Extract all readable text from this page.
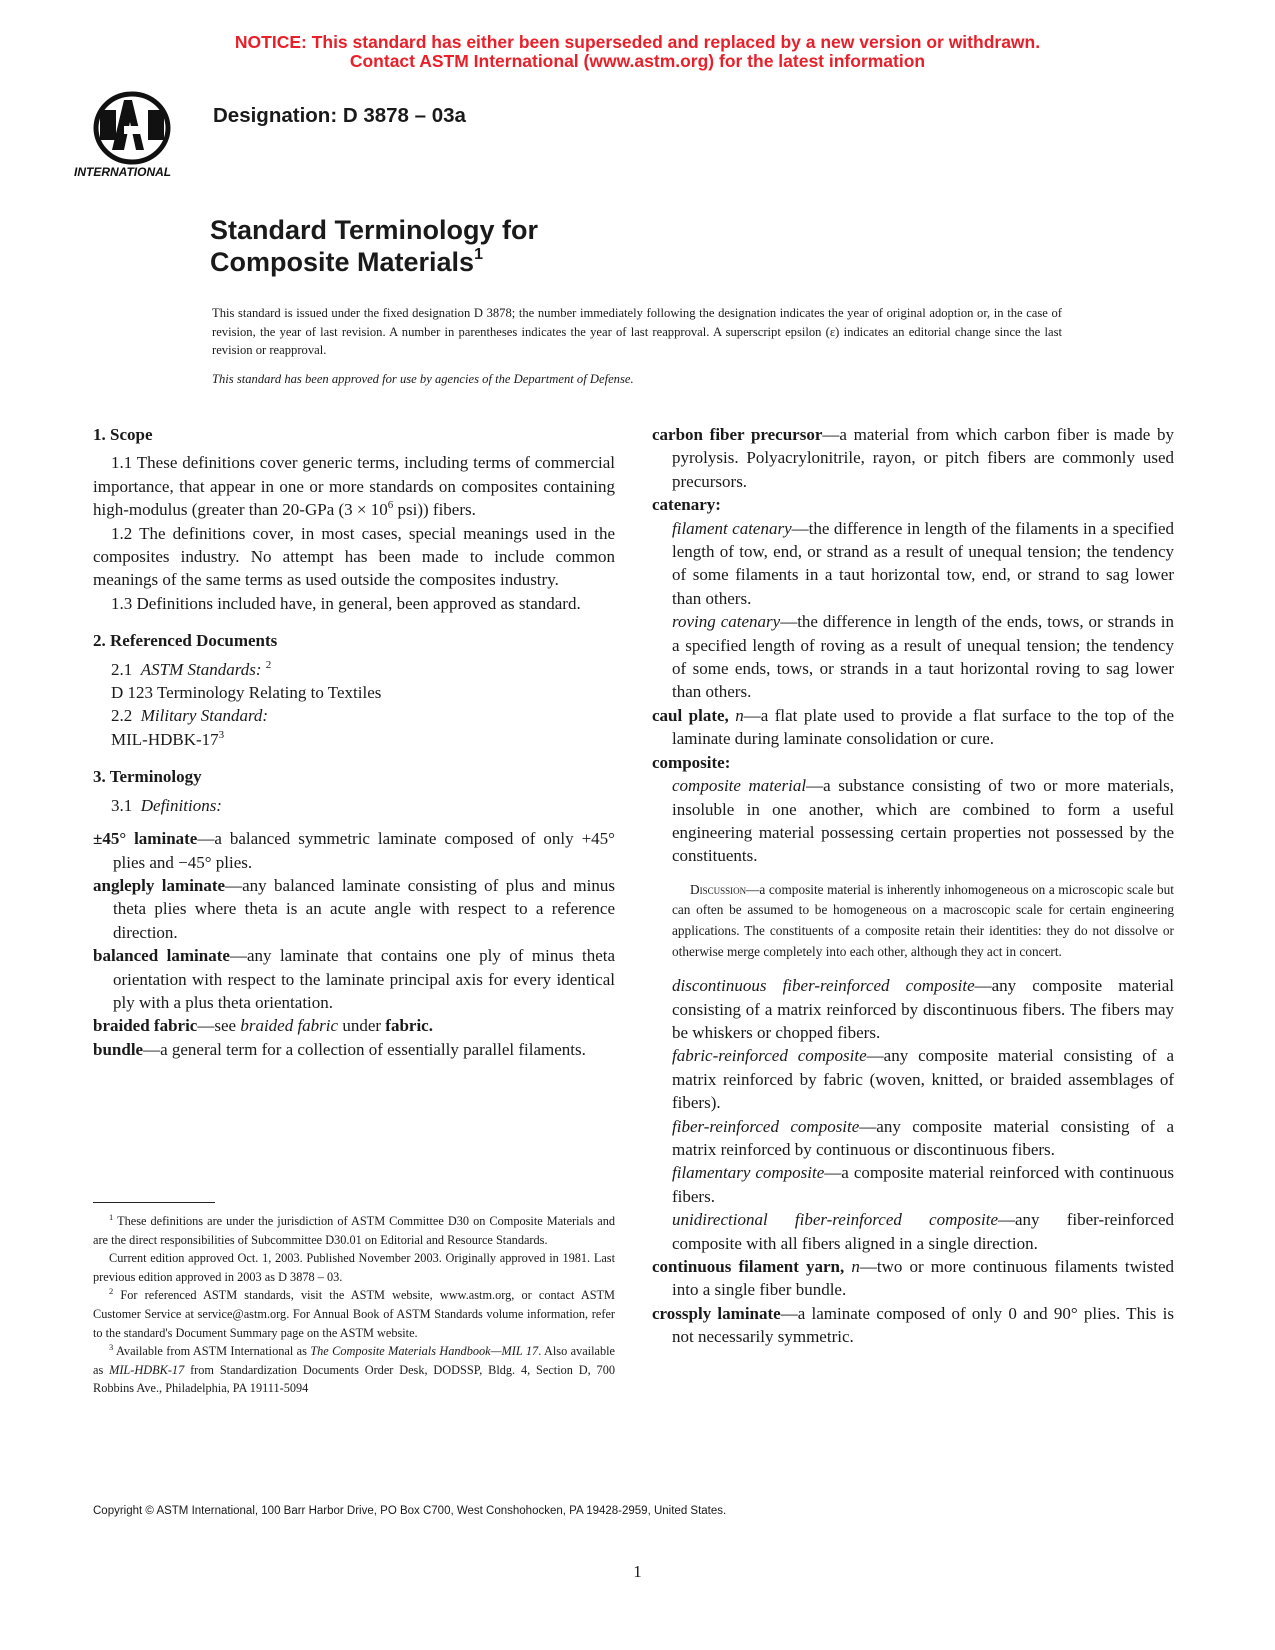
NOTICE: This standard has either been superseded and replaced by a new version or withdrawn.
Contact ASTM International (www.astm.org) for the latest information
INTERNATIONAL
Designation: D 3878 – 03a
Standard Terminology for
Composite Materials$^1$
This standard is issued under the fixed designation D 3878; the number immediately following the designation indicates the year of original adoption or, in the case of revision, the year of last revision. A number in parentheses indicates the year of last reapproval. A superscript epsilon (ε) indicates an editorial change since the last revision or reapproval.
This standard has been approved for use by agencies of the Department of Defense.

1. Scope

1.1 These definitions cover generic terms, including terms of commercial importance, that appear in one or more standards on composites containing high-modulus (greater than 20-GPa ($3 \times 10^6$ psi)) fibers.

1.2 The definitions cover, in most cases, special meanings used in the composites industry. No attempt has been made to include common meanings of the same terms as used outside the composites industry.

1.3 Definitions included have, in general, been approved as standard.

2. Referenced Documents

2.1 ASTM Standards: $^2$

D 123 Terminology Relating to Textiles

2.2 Military Standard:

MIL-$HDBK-17^3$

3. Terminology

3.1 Definitions:

±45° laminate—a balanced symmetric laminate composed of only +45° plies and −45° plies.

angleply laminate—any balanced laminate consisting of plus and minus theta plies where theta is an acute angle with respect to a reference direction.

balanced laminate—any laminate that contains one ply of minus theta orientation with respect to the laminate principal axis for every identical ply with a plus theta orientation.

braided fabric—see braided fabric under fabric.

bundle—a general term for a collection of essentially parallel filaments.

carbon fiber precursor—a material from which carbon fiber is made by pyrolysis. Polyacrylonitrile, rayon, or pitch fibers are commonly used precursors.

catenary:

filament catenary—the difference in length of the filaments in a specified length of tow, end, or strand as a result of unequal tension; the tendency of some filaments in a taut horizontal tow, end, or strand to sag lower than others.

roving catenary—the difference in length of the ends, tows, or strands in a specified length of roving as a result of unequal tension; the tendency of some ends, tows, or strands in a taut horizontal roving to sag lower than others.

caul plate, n—a flat plate used to provide a flat surface to the top of the laminate during laminate consolidation or cure.

composite:

composite material—a substance consisting of two or more materials, insoluble in one another, which are combined to form a useful engineering material possessing certain properties not possessed by the constituents.

Discussion—a composite material is inherently inhomogeneous on a microscopic scale but can often be assumed to be homogeneous on a macroscopic scale for certain engineering applications. The constituents of a composite retain their identities: they do not dissolve or otherwise merge completely into each other, although they act in concert.

discontinuous fiber-reinforced composite—any composite material consisting of a matrix reinforced by discontinuous fibers. The fibers may be whiskers or chopped fibers.

fabric-reinforced composite—any composite material consisting of a matrix reinforced by fabric (woven, knitted, or braided assemblages of fibers).

fiber-reinforced composite—any composite material consisting of a matrix reinforced by continuous or discontinuous fibers.

filamentary composite—a composite material reinforced with continuous fibers.

unidirectional fiber-reinforced composite—any fiber-reinforced composite with all fibers aligned in a single direction.

continuous filament yarn, n—two or more continuous filaments twisted into a single fiber bundle.

crossply laminate—a laminate composed of only 0 and 90° plies. This is not necessarily symmetric.

$^1$ These definitions are under the jurisdiction of ASTM Committee D30 on Composite Materials and are the direct responsibilities of Subcommittee D30.01 on Editorial and Resource Standards.

Current edition approved Oct. 1, 2003. Published November 2003. Originally approved in 1981. Last previous edition approved in 2003 as D 3878 – 03.

$^2$ For referenced ASTM standards, visit the ASTM website, www.astm.org, or contact ASTM Customer Service at service@astm.org. For Annual Book of ASTM Standards volume information, refer to the standard's Document Summary page on the ASTM website.

$^3$ Available from ASTM International as The Composite Materials Handbook—MIL 17. Also available as MIL-HDBK-17 from Standardization Documents Order Desk, DODSSP, Bldg. 4, Section D, 700 Robbins Ave., Philadelphia, PA 19111-5094

Copyright © ASTM International, 100 Barr Harbor Drive, PO Box C700, West Conshohocken, PA 19428-2959, United States.
1
